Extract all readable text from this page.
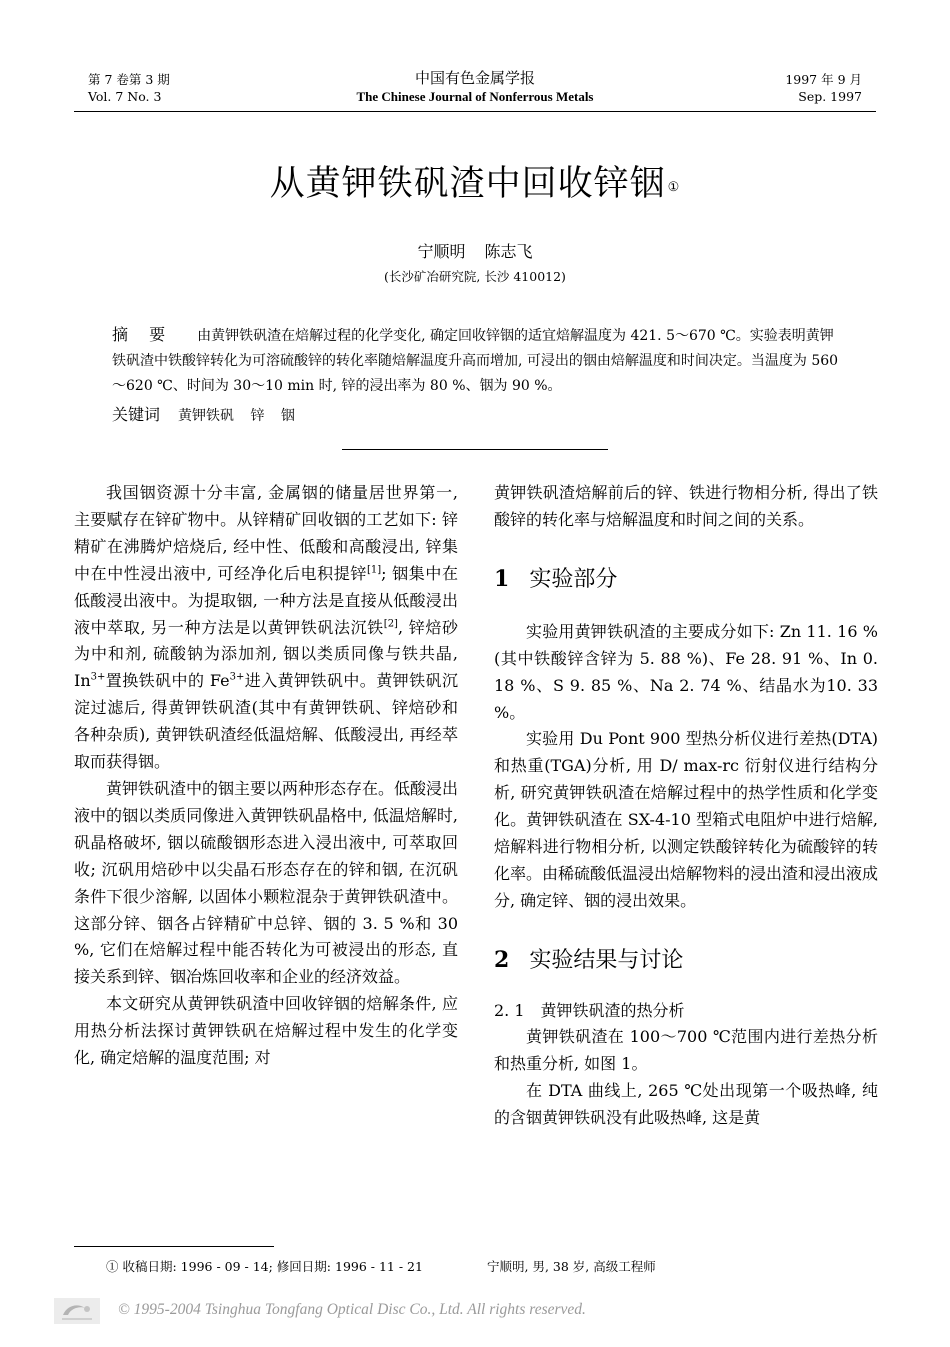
第 7 卷第 3 期
Vol. 7 No. 3
中国有色金属学报
The Chinese Journal of Nonferrous Metals
1997 年 9 月
Sep. 1997
从黄钾铁矾渣中回收锌铟 ①
宁顺明 陈志飞
(长沙矿冶研究院, 长沙 410012)
摘 要 由黄钾铁矾渣在焙解过程的化学变化, 确定回收锌铟的适宜焙解温度为 421. 5～670 ℃。实验表明黄钾铁矾渣中铁酸锌转化为可溶硫酸锌的转化率随焙解温度升高而增加, 可浸出的铟由焙解温度和时间决定。当温度为 560～620 ℃、时间为 30～10 min 时, 锌的浸出率为 80 %、铟为 90 %。
关键词 黄钾铁矾 锌 铟

我国铟资源十分丰富, 金属铟的储量居世界第一, 主要赋存在锌矿物中。从锌精矿回收铟的工艺如下: 锌精矿在沸腾炉焙烧后, 经中性、低酸和高酸浸出, 锌集中在中性浸出液中, 可经净化后电积提锌[1]; 铟集中在低酸浸出液中。为提取铟, 一种方法是直接从低酸浸出液中萃取, 另一种方法是以黄钾铁矾法沉铁[2], 锌焙砂为中和剂, 硫酸钠为添加剂, 铟以类质同像与铁共晶, $In^{3+}$置换铁矾中的 $Fe^{3+}$进入黄钾铁矾中。黄钾铁矾沉淀过滤后, 得黄钾铁矾渣(其中有黄钾铁矾、锌焙砂和各种杂质), 黄钾铁矾渣经低温焙解、低酸浸出, 再经萃取而获得铟。

黄钾铁矾渣中的铟主要以两种形态存在。低酸浸出液中的铟以类质同像进入黄钾铁矾晶格中, 低温焙解时, 矾晶格破坏, 铟以硫酸铟形态进入浸出液中, 可萃取回收; 沉矾用焙砂中以尖晶石形态存在的锌和铟, 在沉矾条件下很少溶解, 以固体小颗粒混杂于黄钾铁矾渣中。这部分锌、铟各占锌精矿中总锌、铟的 3. 5 %和 30 %, 它们在焙解过程中能否转化为可被浸出的形态, 直接关系到锌、铟冶炼回收率和企业的经济效益。

本文研究从黄钾铁矾渣中回收锌铟的焙解条件, 应用热分析法探讨黄钾铁矾在焙解过程中发生的化学变化, 确定焙解的温度范围; 对

黄钾铁矾渣焙解前后的锌、铁进行物相分析, 得出了铁酸锌的转化率与焙解温度和时间之间的关系。

1 实验部分

实验用黄钾铁矾渣的主要成分如下: Zn 11. 16 %(其中铁酸锌含锌为 5. 88 %)、Fe 28. 91 %、In 0. 18 %、S 9. 85 %、Na 2. 74 %、结晶水为10. 33 %。

实验用 Du Pont 900 型热分析仪进行差热(DTA)和热重(TGA)分析, 用 D/ max-rc 衍射仪进行结构分析, 研究黄钾铁矾渣在焙解过程中的热学性质和化学变化。黄钾铁矾渣在 SX-4-10 型箱式电阻炉中进行焙解, 焙解料进行物相分析, 以测定铁酸锌转化为硫酸锌的转化率。由稀硫酸低温浸出焙解物料的浸出渣和浸出液成分, 确定锌、铟的浸出效果。

2 实验结果与讨论

2. 1 黄钾铁矾渣的热分析

黄钾铁矾渣在 100～700 ℃范围内进行差热分析和热重分析, 如图 1。

在 DTA 曲线上, 265 ℃处出现第一个吸热峰, 纯的含铟黄钾铁矾没有此吸热峰, 这是黄

① 收稿日期: 1996 - 09 - 14; 修回日期: 1996 - 11 - 21	宁顺明, 男, 38 岁, 高级工程师
© 1995-2004 Tsinghua Tongfang Optical Disc Co., Ltd. All rights reserved.
